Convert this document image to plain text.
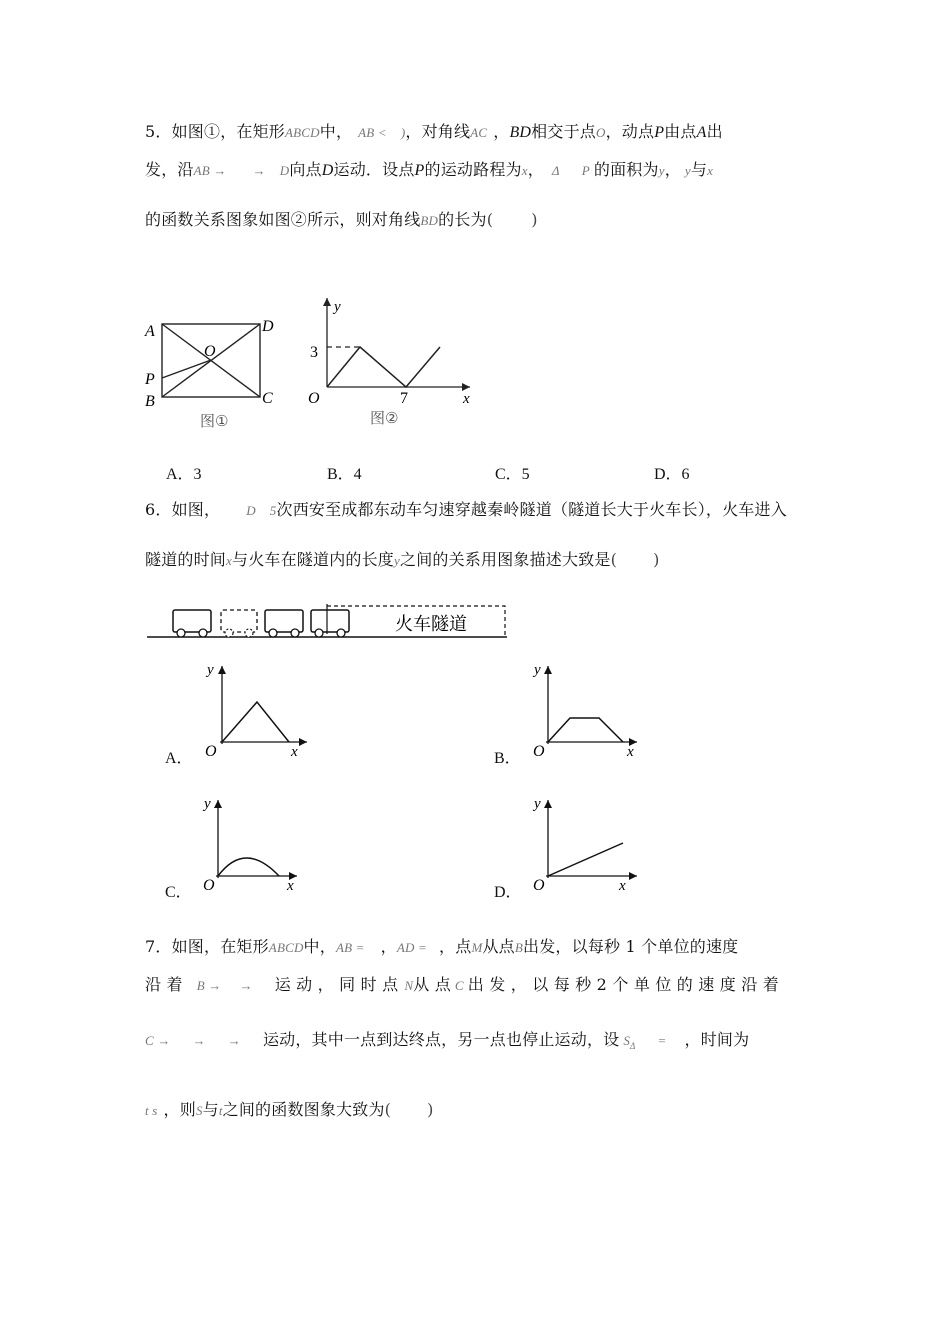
5．如图①，在矩形ABCD中， AB < )，对角线AC ，BD相交于点O，动点P由点A出
发，沿AB → → D向点D运动．设点P的运动路程为x， Δ P 的面积为y， y与x
的函数关系图象如图②所示，则对角线BD的长为( )
A	D
O
P
B	C
图①
y
x
O
3
7
图②
A．3	B．4	C．5	D．6
6．如图， D 5次西安至成都东动车匀速穿越秦岭隧道（隧道长大于火车长），火车进入
隧道的时间x与火车在隧道内的长度y之间的关系用图象描述大致是( )
火车隧道
A．
y
x
O	B．
y
x
O
C．
y
x
O	D．
y
x
O
7．如图，在矩形ABCD中，AB = ，AD = ，点M从点B出发，以每秒 1 个单位的速度
沿 着 B → → 运 动 ， 同 时 点 N从 点 C 出 发 ， 以 每 秒 2 个 单 位 的 速 度 沿 着
C → → → 运动，其中一点到达终点，另一点也停止运动，设 $S_\Delta$ = ，时间为
t s ，则S与t之间的函数图象大致为( )
